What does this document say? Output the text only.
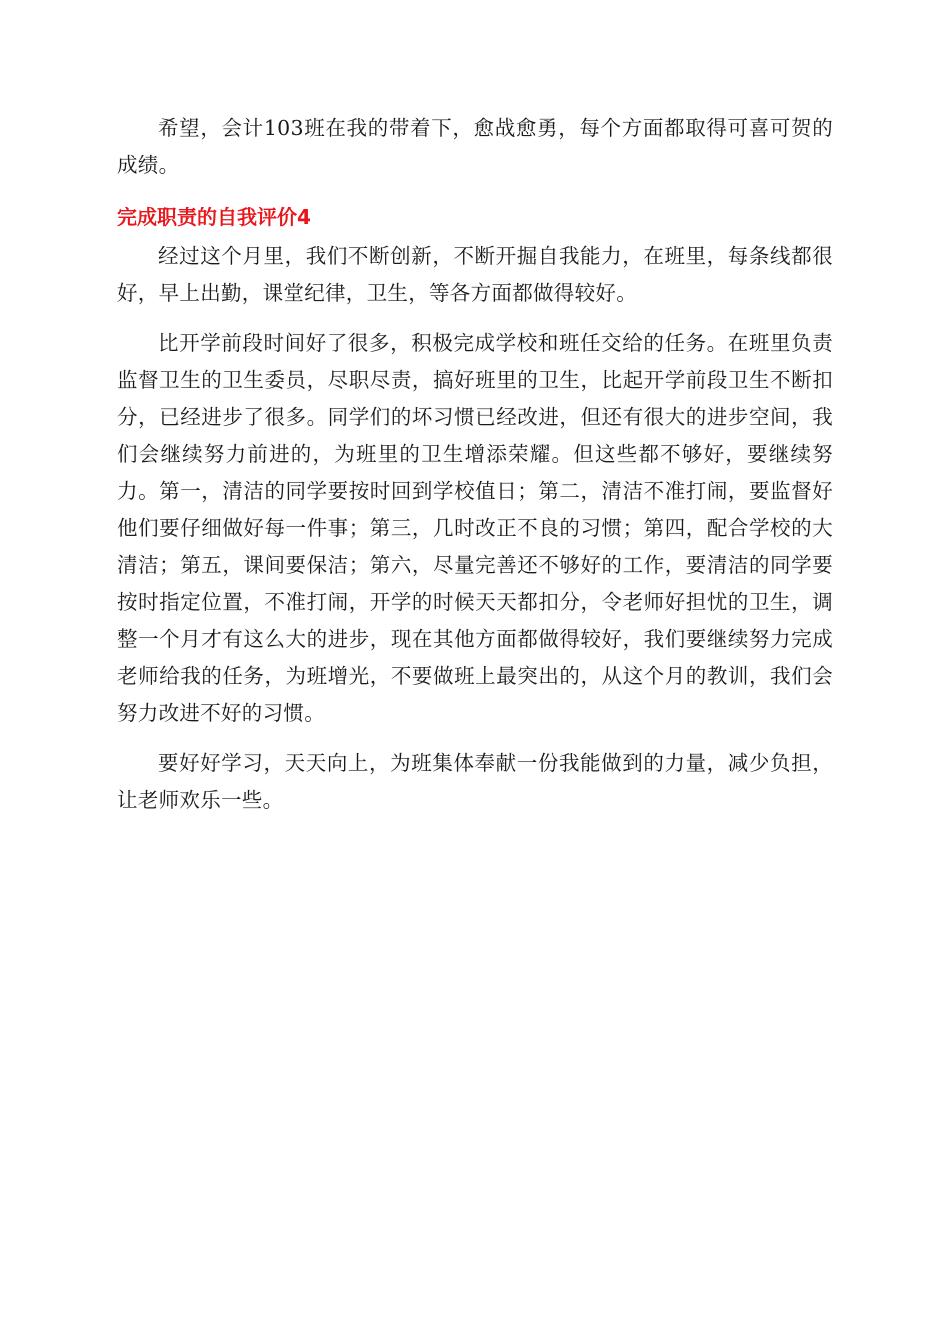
希望，会计103班在我的带着下，愈战愈勇，每个方面都取得可喜可贺的成绩。

完成职责的自我评价4

经过这个月里，我们不断创新，不断开掘自我能力，在班里，每条线都很好，早上出勤，课堂纪律，卫生，等各方面都做得较好。

比开学前段时间好了很多，积极完成学校和班任交给的任务。在班里负责监督卫生的卫生委员，尽职尽责，搞好班里的卫生，比起开学前段卫生不断扣分，已经进步了很多。同学们的坏习惯已经改进，但还有很大的进步空间，我们会继续努力前进的，为班里的卫生增添荣耀。但这些都不够好，要继续努力。第一，清洁的同学要按时回到学校值日；第二，清洁不准打闹，要监督好他们要仔细做好每一件事；第三，几时改正不良的习惯；第四，配合学校的大清洁；第五，课间要保洁；第六，尽量完善还不够好的工作，要清洁的同学要按时指定位置，不准打闹，开学的时候天天都扣分，令老师好担忧的卫生，调整一个月才有这么大的进步，现在其他方面都做得较好，我们要继续努力完成老师给我的任务，为班增光，不要做班上最突出的，从这个月的教训，我们会努力改进不好的习惯。

要好好学习，天天向上，为班集体奉献一份我能做到的力量，减少负担，让老师欢乐一些。
